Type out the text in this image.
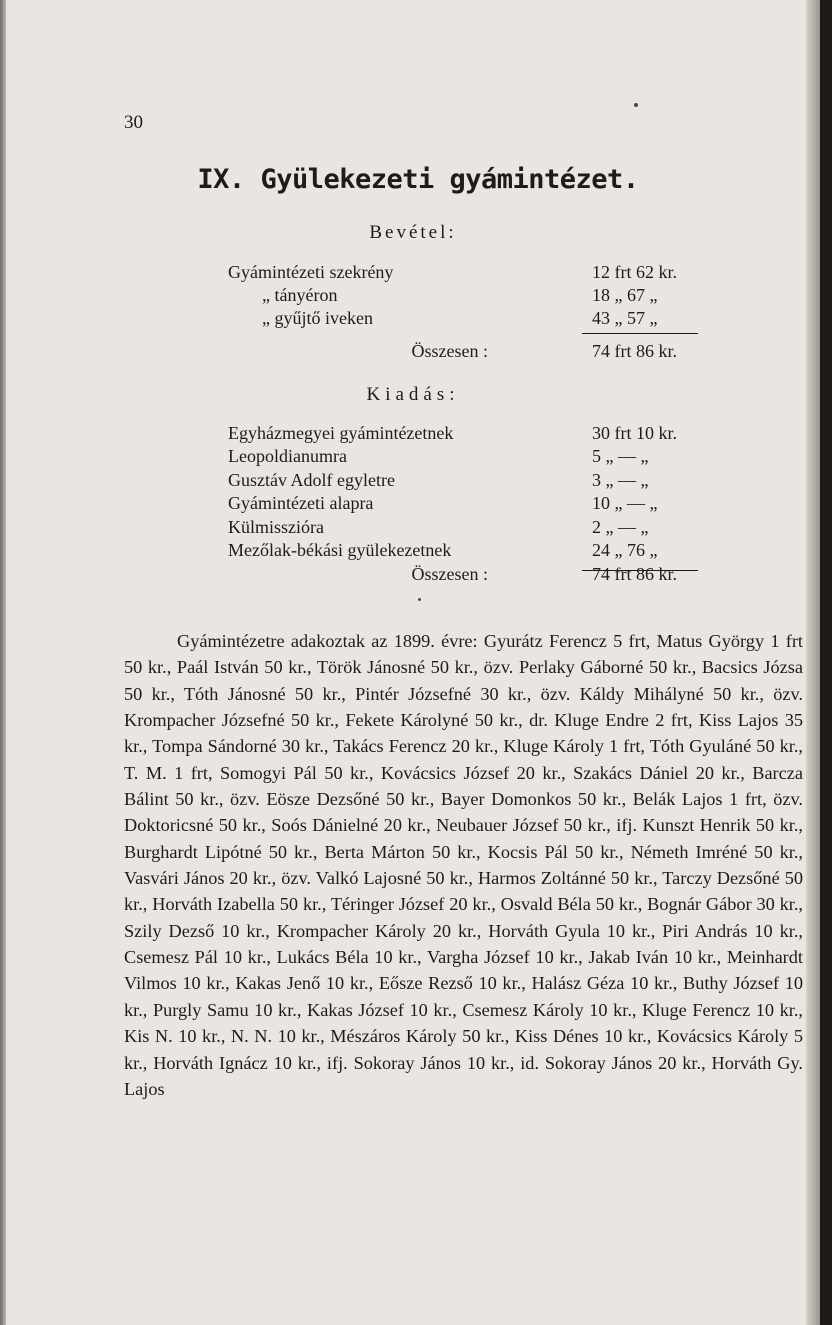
30
IX. Gyülekezeti gyámintézet.
Bevétel:
Gyámintézeti szekrény	12 frt 62 kr.
„ tányéron	18 „ 67 „
„ gyűjtő iveken	43 „ 57 „
Összesen :	74 frt 86 kr.
Kiadás:
Egyházmegyei gyámintézetnek	30 frt 10 kr.
Leopoldianumra	5 „ — „
Gusztáv Adolf egyletre	3 „ — „
Gyámintézeti alapra	10 „ — „
Külmisszióra	2 „ — „
Mezőlak-békási gyülekezetnek	24 „ 76 „
Összesen :	74 frt 86 kr.
Gyámintézetre adakoztak az 1899. évre: Gyurátz Ferencz 5 frt, Matus György 1 frt 50 kr., Paál István 50 kr., Török Jánosné 50 kr., özv. Perlaky Gáborné 50 kr., Bacsics Józsa 50 kr., Tóth Jánosné 50 kr., Pintér Józsefné 30 kr., özv. Káldy Mihályné 50 kr., özv. Krompacher Józsefné 50 kr., Fekete Károlyné 50 kr., dr. Kluge Endre 2 frt, Kiss Lajos 35 kr., Tompa Sándorné 30 kr., Takács Ferencz 20 kr., Kluge Károly 1 frt, Tóth Gyuláné 50 kr., T. M. 1 frt, Somogyi Pál 50 kr., Kovácsics József 20 kr., Szakács Dániel 20 kr., Barcza Bálint 50 kr., özv. Eösze Dezsőné 50 kr., Bayer Domonkos 50 kr., Belák Lajos 1 frt, özv. Doktoricsné 50 kr., Soós Dánielné 20 kr., Neubauer József 50 kr., ifj. Kunszt Henrik 50 kr., Burghardt Lipótné 50 kr., Berta Márton 50 kr., Kocsis Pál 50 kr., Németh Imréné 50 kr., Vasvári János 20 kr., özv. Valkó Lajosné 50 kr., Harmos Zoltánné 50 kr., Tarczy Dezsőné 50 kr., Horváth Izabella 50 kr., Téringer József 20 kr., Osvald Béla 50 kr., Bognár Gábor 30 kr., Szily Dezső 10 kr., Krompacher Károly 20 kr., Horváth Gyula 10 kr., Piri András 10 kr., Csemesz Pál 10 kr., Lukács Béla 10 kr., Vargha József 10 kr., Jakab Iván 10 kr., Meinhardt Vilmos 10 kr., Kakas Jenő 10 kr., Eősze Rezső 10 kr., Halász Géza 10 kr., Buthy József 10 kr., Purgly Samu 10 kr., Kakas József 10 kr., Csemesz Károly 10 kr., Kluge Ferencz 10 kr., Kis N. 10 kr., N. N. 10 kr., Mészáros Károly 50 kr., Kiss Dénes 10 kr., Kovácsics Károly 5 kr., Horváth Ignácz 10 kr., ifj. Sokoray János 10 kr., id. Sokoray János 20 kr., Horváth Gy. Lajos
